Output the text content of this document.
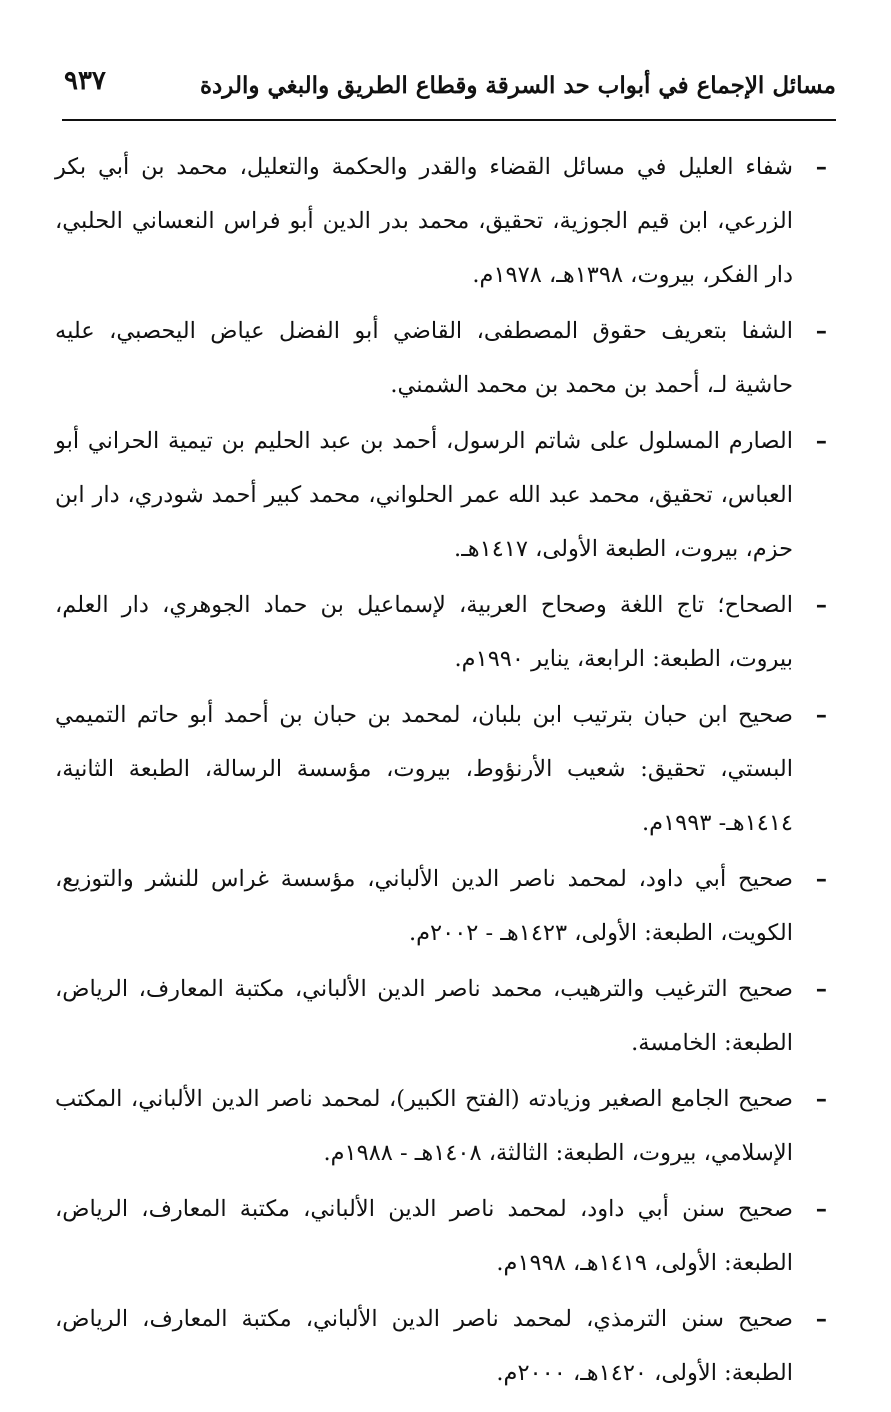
مسائل الإجماع في أبواب حد السرقة وقطاع الطريق والبغي والردة
٩٣٧
–
شفاء العليل في مسائل القضاء والقدر والحكمة والتعليل، محمد بن أبي بكر الزرعي، ابن قيم الجوزية، تحقيق، محمد بدر الدين أبو فراس النعساني الحلبي، دار الفكر، بيروت، ١٣٩٨هـ، ١٩٧٨م.
–
الشفا بتعريف حقوق المصطفى، القاضي أبو الفضل عياض اليحصبي، عليه حاشية لـ، أحمد بن محمد بن محمد الشمني.
–
الصارم المسلول على شاتم الرسول، أحمد بن عبد الحليم بن تيمية الحراني أبو العباس، تحقيق، محمد عبد الله عمر الحلواني، محمد كبير أحمد شودري، دار ابن حزم، بيروت، الطبعة الأولى، ١٤١٧هـ.
–
الصحاح؛ تاج اللغة وصحاح العربية، لإسماعيل بن حماد الجوهري، دار العلم، بيروت، الطبعة: الرابعة، يناير ١٩٩٠م.
–
صحيح ابن حبان بترتيب ابن بلبان، لمحمد بن حبان بن أحمد أبو حاتم التميمي البستي، تحقيق: شعيب الأرنؤوط، بيروت، مؤسسة الرسالة، الطبعة الثانية، ١٤١٤هـ- ١٩٩٣م.
–
صحيح أبي داود، لمحمد ناصر الدين الألباني، مؤسسة غراس للنشر والتوزيع، الكويت، الطبعة: الأولى، ١٤٢٣هـ - ٢٠٠٢م.
–
صحيح الترغيب والترهيب، محمد ناصر الدين الألباني، مكتبة المعارف، الرياض، الطبعة: الخامسة.
–
صحيح الجامع الصغير وزيادته (الفتح الكبير)، لمحمد ناصر الدين الألباني، المكتب الإسلامي، بيروت، الطبعة: الثالثة، ١٤٠٨هـ - ١٩٨٨م.
–
صحيح سنن أبي داود، لمحمد ناصر الدين الألباني، مكتبة المعارف، الرياض، الطبعة: الأولى، ١٤١٩هـ، ١٩٩٨م.
–
صحيح سنن الترمذي، لمحمد ناصر الدين الألباني، مكتبة المعارف، الرياض، الطبعة: الأولى، ١٤٢٠هـ، ٢٠٠٠م.
